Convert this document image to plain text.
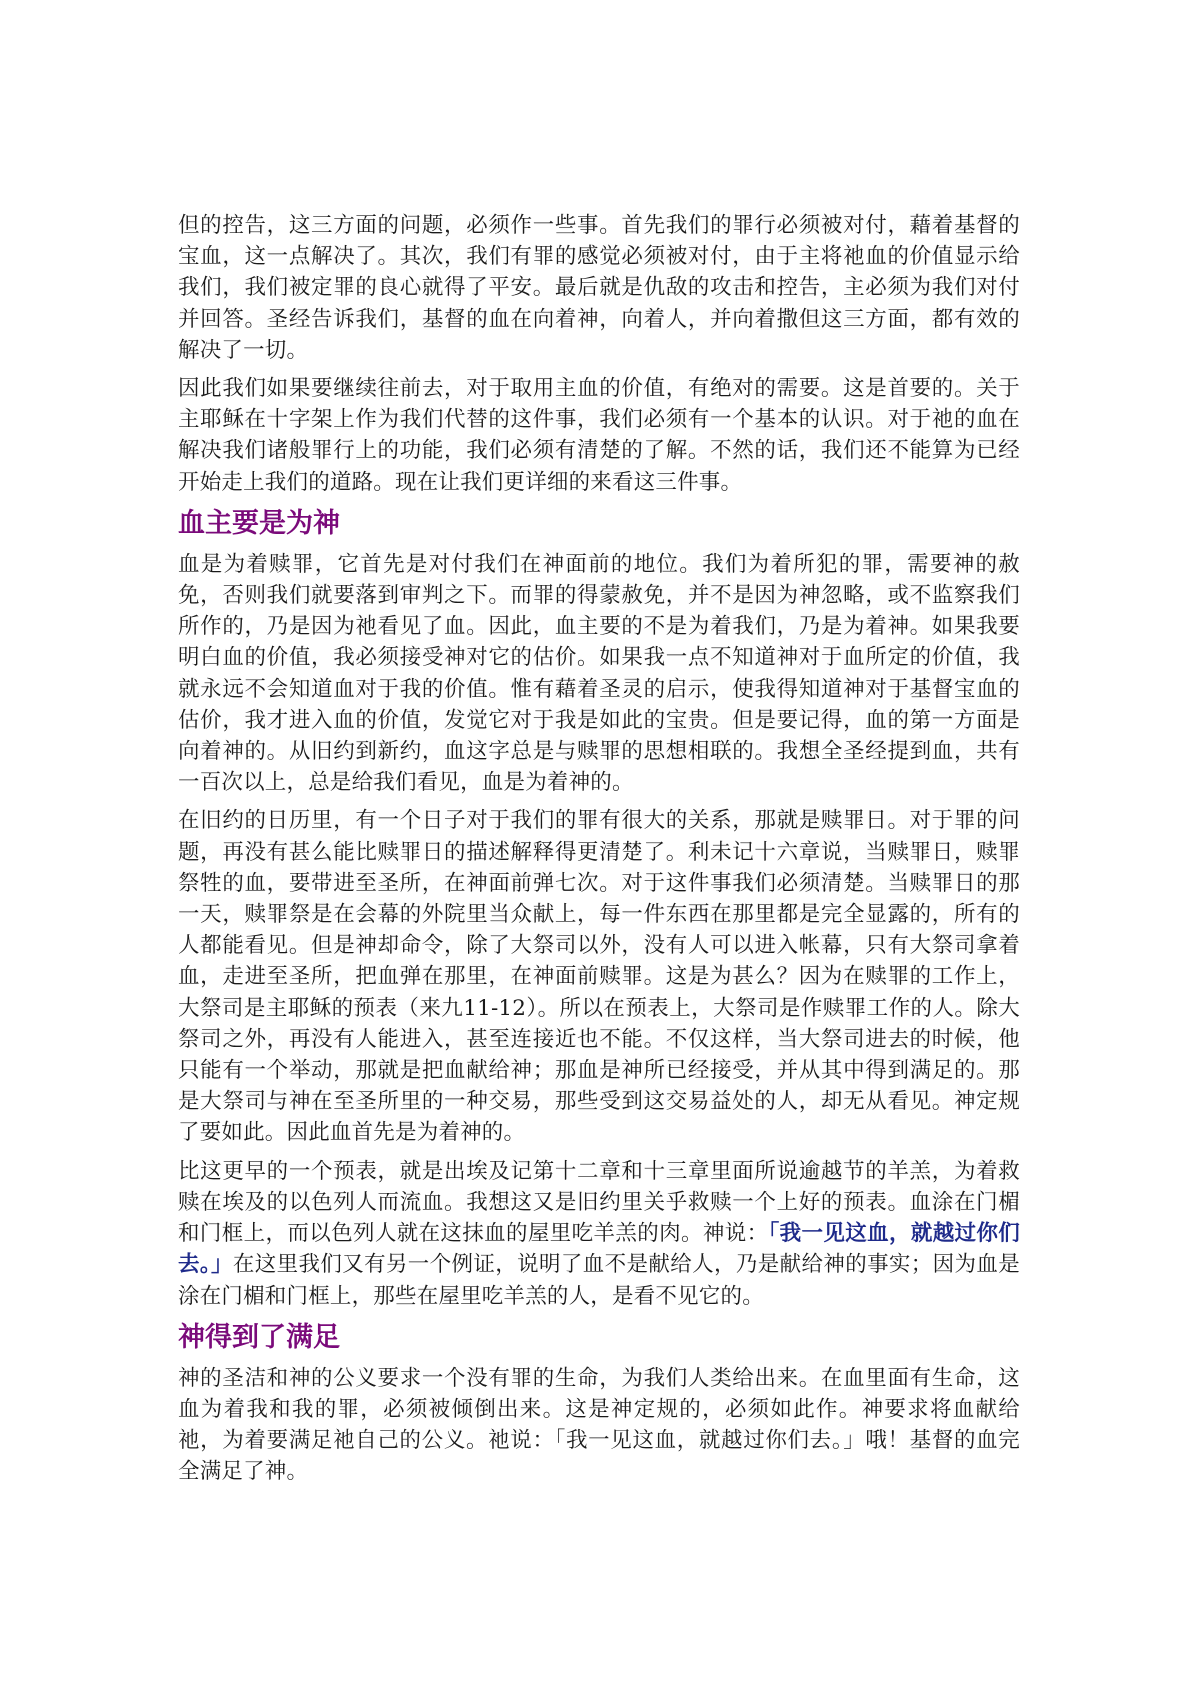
但的控告，这三方面的问题，必须作一些事。首先我们的罪行必须被对付，藉着基督的宝血，这一点解决了。其次，我们有罪的感觉必须被对付，由于主将祂血的价值显示给我们，我们被定罪的良心就得了平安。最后就是仇敌的攻击和控告，主必须为我们对付并回答。圣经告诉我们，基督的血在向着神，向着人，并向着撒但这三方面，都有效的解决了一切。

因此我们如果要继续往前去，对于取用主血的价值，有绝对的需要。这是首要的。关于主耶稣在十字架上作为我们代替的这件事，我们必须有一个基本的认识。对于祂的血在解决我们诸般罪行上的功能，我们必须有清楚的了解。不然的话，我们还不能算为已经开始走上我们的道路。现在让我们更详细的来看这三件事。

血主要是为神

血是为着赎罪，它首先是对付我们在神面前的地位。我们为着所犯的罪，需要神的赦免，否则我们就要落到审判之下。而罪的得蒙赦免，并不是因为神忽略，或不监察我们所作的，乃是因为祂看见了血。因此，血主要的不是为着我们，乃是为着神。如果我要明白血的价值，我必须接受神对它的估价。如果我一点不知道神对于血所定的价值，我就永远不会知道血对于我的价值。惟有藉着圣灵的启示，使我得知道神对于基督宝血的估价，我才进入血的价值，发觉它对于我是如此的宝贵。但是要记得，血的第一方面是向着神的。从旧约到新约，血这字总是与赎罪的思想相联的。我想全圣经提到血，共有一百次以上，总是给我们看见，血是为着神的。

在旧约的日历里，有一个日子对于我们的罪有很大的关系，那就是赎罪日。对于罪的问题，再没有甚么能比赎罪日的描述解释得更清楚了。利未记十六章说，当赎罪日，赎罪祭牲的血，要带进至圣所，在神面前弹七次。对于这件事我们必须清楚。当赎罪日的那一天，赎罪祭是在会幕的外院里当众献上，每一件东西在那里都是完全显露的，所有的人都能看见。但是神却命令，除了大祭司以外，没有人可以进入帐幕，只有大祭司拿着血，走进至圣所，把血弹在那里，在神面前赎罪。这是为甚么？因为在赎罪的工作上，大祭司是主耶稣的预表（来九11-12）。所以在预表上，大祭司是作赎罪工作的人。除大祭司之外，再没有人能进入，甚至连接近也不能。不仅这样，当大祭司进去的时候，他只能有一个举动，那就是把血献给神；那血是神所已经接受，并从其中得到满足的。那是大祭司与神在至圣所里的一种交易，那些受到这交易益处的人，却无从看见。神定规了要如此。因此血首先是为着神的。

比这更早的一个预表，就是出埃及记第十二章和十三章里面所说逾越节的羊羔，为着救赎在埃及的以色列人而流血。我想这又是旧约里关乎救赎一个上好的预表。血涂在门楣和门框上，而以色列人就在这抹血的屋里吃羊羔的肉。神说：「我一见这血，就越过你们去。」在这里我们又有另一个例证，说明了血不是献给人，乃是献给神的事实；因为血是涂在门楣和门框上，那些在屋里吃羊羔的人，是看不见它的。

神得到了满足

神的圣洁和神的公义要求一个没有罪的生命，为我们人类给出来。在血里面有生命，这血为着我和我的罪，必须被倾倒出来。这是神定规的，必须如此作。神要求将血献给祂，为着要满足祂自己的公义。祂说：「我一见这血，就越过你们去。」哦！基督的血完全满足了神。
